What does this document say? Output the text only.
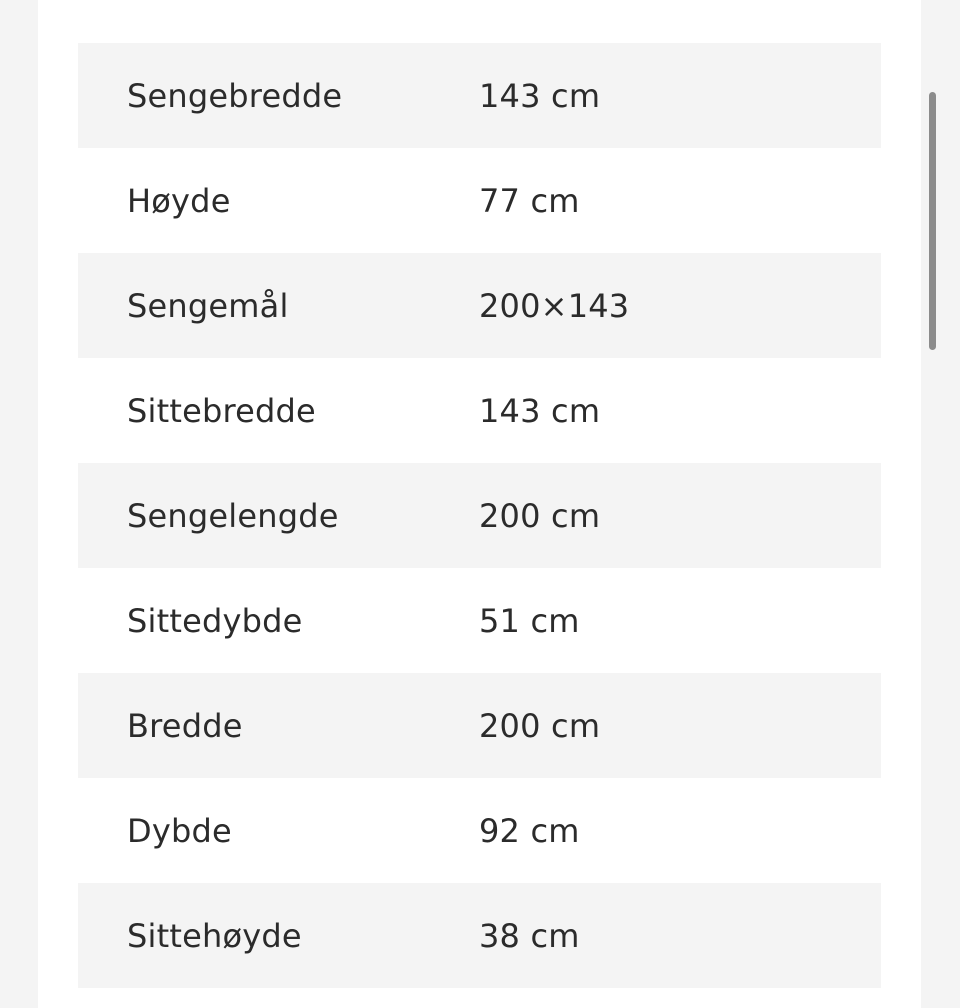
Sengebredde	143 cm
Høyde	77 cm
Sengemål	200×143
Sittebredde	143 cm
Sengelengde	200 cm
Sittedybde	51 cm
Bredde	200 cm
Dybde	92 cm
Sittehøyde	38 cm
